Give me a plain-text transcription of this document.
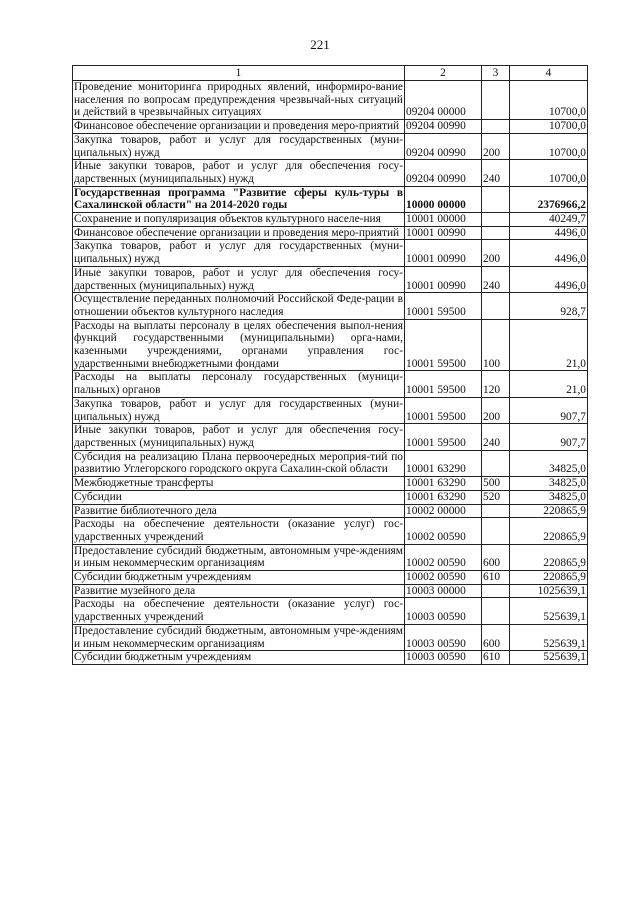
221
1	2	3	4
Проведение мониторинга природных явлений, информиро-вание населения по вопросам предупреждения чрезвычай-ных ситуаций и действий в чрезвычайных ситуациях	09204 00000		10700,0
Финансовое обеспечение организации и проведения меро-приятий	09204 00990		10700,0
Закупка товаров, работ и услуг для государственных (муни-ципальных) нужд	09204 00990	200	10700,0
Иные закупки товаров, работ и услуг для обеспечения госу-дарственных (муниципальных) нужд	09204 00990	240	10700,0
Государственная программа "Развитие сферы куль-туры в Сахалинской области" на 2014-2020 годы	10000 00000		2376966,2
Сохранение и популяризация объектов культурного населе-ния	10001 00000		40249,7
Финансовое обеспечение организации и проведения меро-приятий	10001 00990		4496,0
Закупка товаров, работ и услуг для государственных (муни-ципальных) нужд	10001 00990	200	4496,0
Иные закупки товаров, работ и услуг для обеспечения госу-дарственных (муниципальных) нужд	10001 00990	240	4496,0
Осуществление переданных полномочий Российской Феде-рации в отношении объектов культурного наследия	10001 59500		928,7
Расходы на выплаты персоналу в целях обеспечения выпол-нения функций государственными (муниципальными) орга-нами, казенными учреждениями, органами управления гос-ударственными внебюджетными фондами	10001 59500	100	21,0
Расходы на выплаты персоналу государственных (муници-пальных) органов	10001 59500	120	21,0
Закупка товаров, работ и услуг для государственных (муни-ципальных) нужд	10001 59500	200	907,7
Иные закупки товаров, работ и услуг для обеспечения госу-дарственных (муниципальных) нужд	10001 59500	240	907,7
Субсидия на реализацию Плана первоочередных мероприя-тий по развитию Углегорского городского округа Сахалин-ской области	10001 63290		34825,0
Межбюджетные трансферты	10001 63290	500	34825,0
Субсидии	10001 63290	520	34825,0
Развитие библиотечного дела	10002 00000		220865,9
Расходы на обеспечение деятельности (оказание услуг) гос-ударственных учреждений	10002 00590		220865,9
Предоставление субсидий бюджетным, автономным учре-ждениям и иным некоммерческим организациям	10002 00590	600	220865,9
Субсидии бюджетным учреждениям	10002 00590	610	220865,9
Развитие музейного дела	10003 00000		1025639,1
Расходы на обеспечение деятельности (оказание услуг) гос-ударственных учреждений	10003 00590		525639,1
Предоставление субсидий бюджетным, автономным учре-ждениям и иным некоммерческим организациям	10003 00590	600	525639,1
Субсидии бюджетным учреждениям	10003 00590	610	525639,1
